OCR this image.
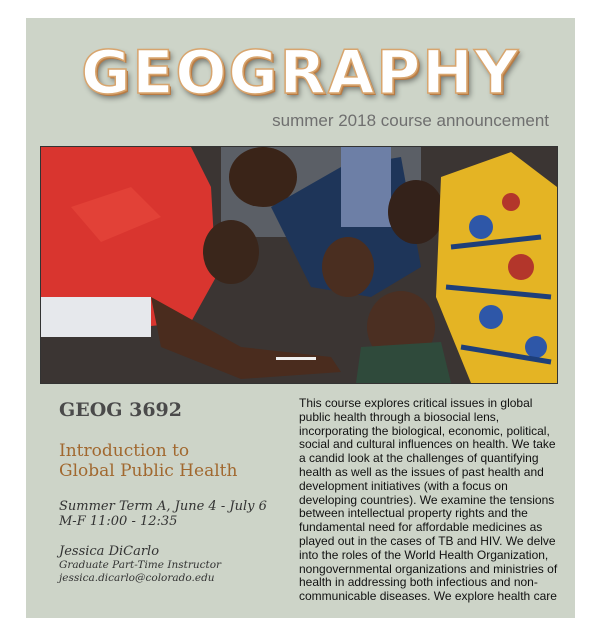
GEOGRAPHY
summer 2018 course announcement
GEOG 3692
Introduction to
Global Public Health
Summer Term A, June 4 - July 6
M-F 11:00 - 12:35
Jessica DiCarlo
Graduate Part-Time Instructor
jessica.dicarlo@colorado.edu
This course explores critical issues in global public health through a biosocial lens, incorporating the biological, economic, political, social and cultural influences on health. We take a candid look at the challenges of quantifying health as well as the issues of past health and development initiatives (with a focus on developing countries). We examine the tensions between intellectual property rights and the fundamental need for affordable medicines as played out in the cases of TB and HIV. We delve into the roles of the World Health Organization, nongovernmental organizations and ministries of health in addressing both infectious and non-communicable diseases. We explore health care
